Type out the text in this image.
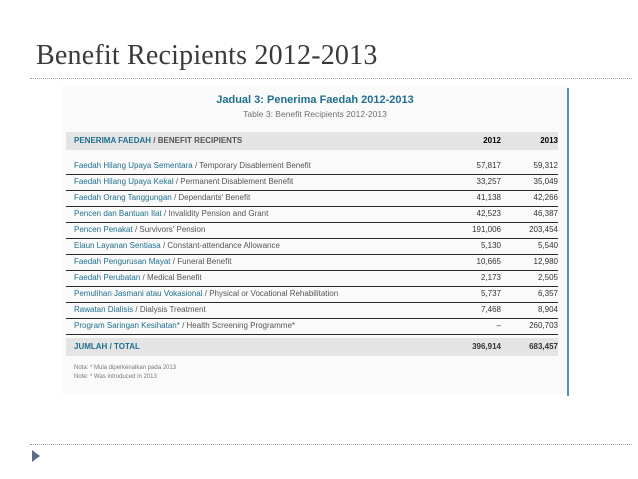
Benefit Recipients 2012-2013
Jadual 3: Penerima Faedah 2012-2013
Table 3: Benefit Recipients 2012-2013
PENERIMA FAEDAH / BENEFIT RECIPIENTS	2012	2013
Faedah Hilang Upaya Sementara / Temporary Disablement Benefit	57,817	59,312
Faedah Hilang Upaya Kekal / Permanent Disablement Benefit	33,257	35,049
Faedah Orang Tanggungan / Dependants' Benefit	41,138	42,266
Pencen dan Bantuan Ilat / Invalidity Pension and Grant	42,523	46,387
Pencen Penakat / Survivors' Pension	191,006	203,454
Elaun Layanan Sentiasa / Constant-attendance Allowance	5,130	5,540
Faedah Pengurusan Mayat / Funeral Benefit	10,665	12,980
Faedah Perubatan / Medical Benefit	2,173	2,505
Pemulihan Jasmani atau Vokasional / Physical or Vocational Rehabilitation	5,737	6,357
Rawatan Dialisis / Dialysis Treatment	7,468	8,904
Program Saringan Kesihatan* / Health Screening Programme*	–	260,703
JUMLAH / TOTAL	396,914	683,457
Nota: * Mula diperkenalkan pada 2013
Note: * Was introduced in 2013
